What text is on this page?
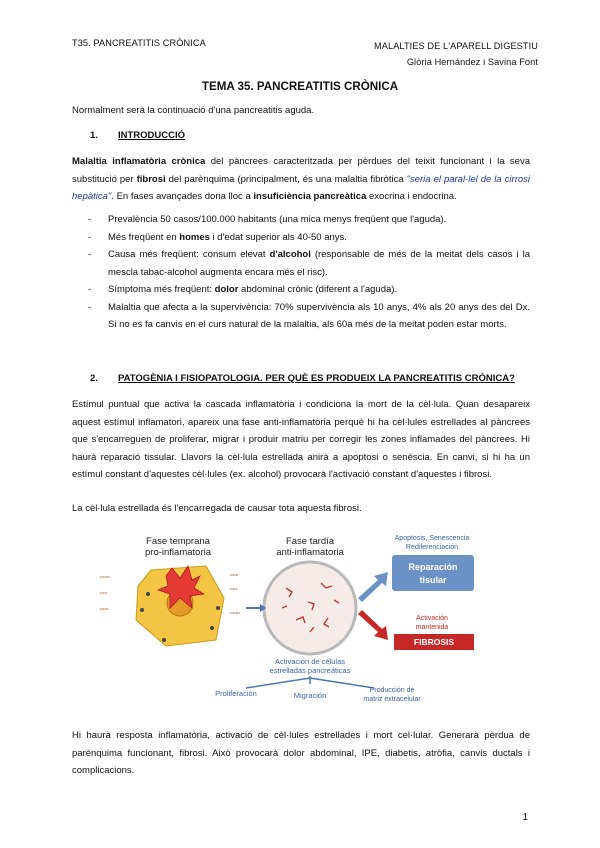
T35. PANCREATITIS CRÒNICA	MALALTIES DE L'APARELL DIGESTIU
Glòria Hernández i Savina Font
TEMA 35. PANCREATITIS CRÒNICA
Normalment serà la continuació d'una pancreatitis aguda.
1. INTRODUCCIÓ
Malaltia inflamatòria crònica del pàncrees caracteritzada per pèrdues del teixit funcionant i la seva substitució per fibrosi del parènquima (principalment, és una malaltia fibròtica "seria el paral·lel de la cirrosi hepàtica". En fases avançades dona lloc a insuficiència pancreàtica exocrina i endocrina.
- Prevalència 50 casos/100.000 habitants (una mica menys freqüent que l'aguda).
- Més freqüent en homes i d'edat superior als 40-50 anys.
- Causa més freqüent: consum elevat d'alcohol (responsable de més de la meitat dels casos i la mescla tabac-alcohol augmenta encara més el risc).
- Símptoma més freqüent: dolor abdominal crònic (diferent a l'aguda).
- Malaltia que afecta a la supervivència: 70% supervivència als 10 anys, 4% als 20 anys des del Dx. Si no es fa canvis en el curs natural de la malaltia, als 60a més de la meitat poden estar morts.
2. PATOGÈNIA I FISIOPATOLOGIA. PER QUÈ ES PRODUEIX LA PANCREATITIS CRÒNICA?
Estímul puntual que activa la cascada inflamatòria i condiciona la mort de la cèl·lula. Quan desapareix aquest estímul inflamatori, apareix una fase anti-inflamatòria perquè hi ha cèl·lules estrellades al pàncrees que s'encarreguen de proliferar, migrar i produir matriu per corregir les zones inflamades del pàncrees. Hi haurà reparació tissular. Llavors la cèl·lula estrellada anirà a apoptosi o senèscia. En canvi, si hi ha un estímul constant d'aquestes cèl·lules (ex. alcohol) provocarà l'activació constant d'aquestes i fibrosi.
La cèl·lula estrellada és l'encarregada de causar tota aquesta fibrosi.
•••••••
•••••
••••••
••••••
•••••
•••••••
Fase temprana
pro-inflamatoria
Fase tardía
anti-inflamatoria
Apoptosis, Senescencia
Rediferenciación
Reparación
tisular
Activación
mantenida
FIBROSIS
Activación de células
estrelladas pancreáticas
Proliferación	Migración
Producción de
matriz extracelular
Hi haurà resposta inflamatòria, activació de cèl·lules estrellades i mort cel·lular. Generarà pèrdua de parènquima funcionant, fibrosi. Això provocarà dolor abdominal, IPE, diabetis, atròfia, canvis ductals i complicacions.
1
